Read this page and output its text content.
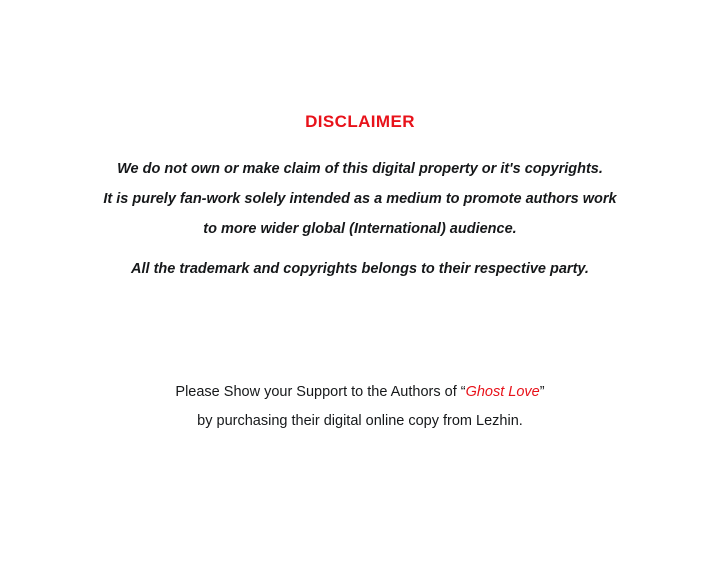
DISCLAIMER

We do not own or make claim of this digital property or it's copyrights.

It is purely fan-work solely intended as a medium to promote authors work

to more wider global (International) audience.

All the trademark and copyrights belongs to their respective party.

Please Show your Support to the Authors of “Ghost Love”

by purchasing their digital online copy from Lezhin.
